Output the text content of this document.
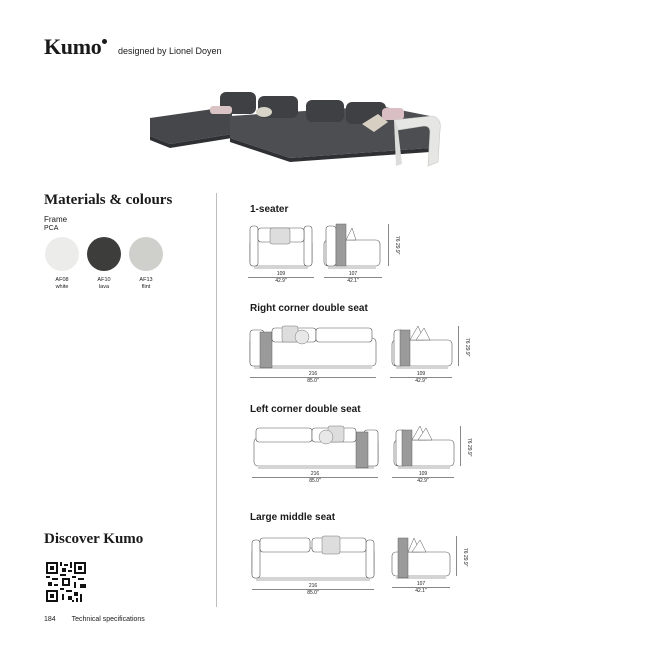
Kumo designed by Lionel Doyen
Materials & colours
Frame
PCA
AF08
white
AF10
lava
AF13
flint
1-seater
109
42.9"
107
42.1"
76 29.9"
Right corner double seat
216
85.0"
109
42.9"
76 29.9"
Left corner double seat
216
85.0"
109
42.9"
76 29.9"
Large middle seat
216
85.0"
107
42.1"
76 29.9"
Discover Kumo
184 Technical specifications
